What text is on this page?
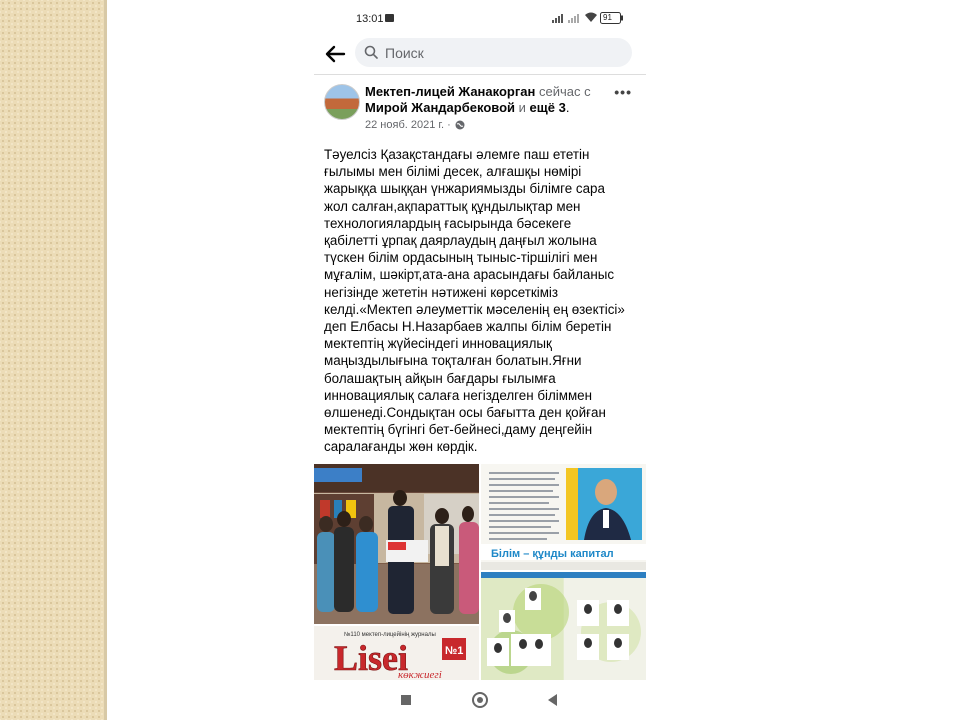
13:01	91
Поиск
Мектеп-лицей Жанакорган сейчас с Мирой Жандарбековой и ещё 3.
22 нояб. 2021 г. ·
•••
Тәуелсіз Қазақстандағы әлемге паш ететін
ғылымы мен білімі десек, алғашқы нөмірі
жарыққа шыққан үнжариямызды білімге сара
жол салған,ақпараттық құндылықтар мен
технологиялардың ғасырында бәсекеге
қабілетті ұрпақ даярлаудың даңғыл жолына
түскен білім ордасының тыныс-тіршілігі мен
мұғалім, шәкірт,ата-ана арасындағы байланыс
негізінде жететін нәтижені көрсеткіміз
келді.«Мектеп әлеуметтік мәселенің ең өзектісі»
деп Елбасы Н.Назарбаев жалпы білім беретін
мектептің жүйесіндегі инновациялық
маңыздылығына тоқталған болатын.Яғни
болашақтың айқын бағдары ғылымға
инновациялық салаға негізделген біліммен
өлшенеді.Сондықтан осы бағытта ден қойған
мектептің бүгінгі бет-бейнесі,даму деңгейін
саралағанды жөн көрдік.
Білім – құнды капитал
№110 мектеп-лицейінің журналы
Lisei	№1
көкжиегі
